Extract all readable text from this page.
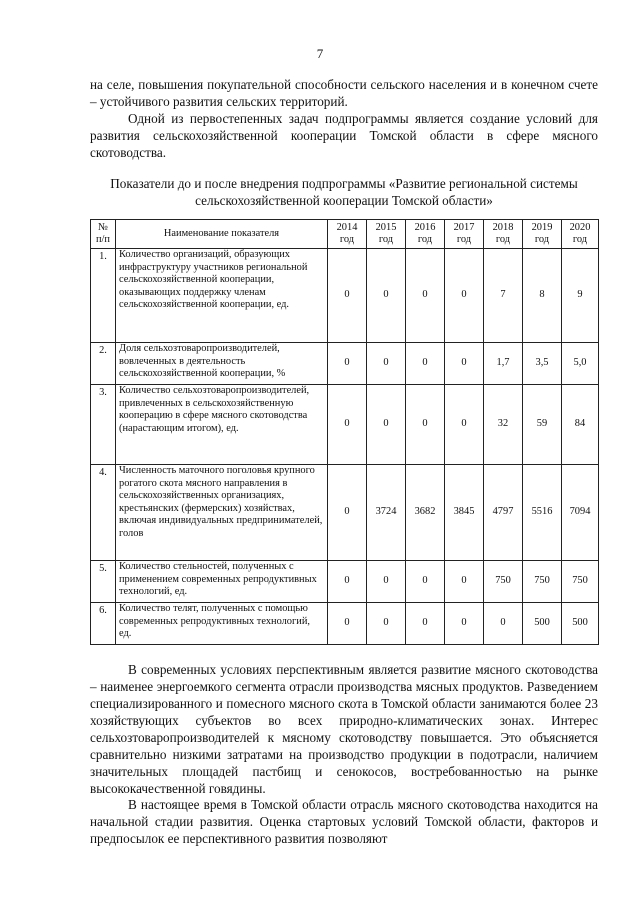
7

на селе, повышения покупательной способности сельского населения и в конечном счете – устойчивого развития сельских территорий.

Одной из первостепенных задач подпрограммы является создание условий для развития сельскохозяйственной кооперации Томской области в сфере мясного скотоводства.

Показатели до и после внедрения подпрограммы «Развитие региональной системы сельскохозяйственной кооперации Томской области»
№ п/п	Наименование показателя	2014 год	2015 год	2016 год	2017 год	2018 год	2019 год	2020 год

1.	Количество организаций, образующих инфраструктуру участников региональной сельскохозяйственной кооперации, оказывающих поддержку членам сельскохозяйственной кооперации, ед.	0	0	0	0	7	8	9
2.	Доля сельхозтоваропроизводителей, вовлеченных в деятельность сельскохозяйственной кооперации, %	0	0	0	0	1,7	3,5	5,0
3.	Количество сельхозтоваропроизводителей, привлеченных в сельскохозяйственную кооперацию в сфере мясного скотоводства (нарастающим итогом), ед.	0	0	0	0	32	59	84
4.	Численность маточного поголовья крупного рогатого скота мясного направления в сельскохозяйственных организациях, крестьянских (фермерских) хозяйствах, включая индивидуальных предпринимателей, голов	0	3724	3682	3845	4797	5516	7094
5.	Количество стельностей, полученных с применением современных репродуктивных технологий, ед.	0	0	0	0	750	750	750
6.	Количество телят, полученных с помощью современных репродуктивных технологий, ед.	0	0	0	0	0	500	500

В современных условиях перспективным является развитие мясного скотоводства – наименее энергоемкого сегмента отрасли производства мясных продуктов. Разведением специализированного и помесного мясного скота в Томской области занимаются более 23 хозяйствующих субъектов во всех природно-климатических зонах. Интерес сельхозтоваропроизводителей к мясному скотоводству повышается. Это объясняется сравнительно низкими затратами на производство продукции в подотрасли, наличием значительных площадей пастбищ и сенокосов, востребованностью на рынке высококачественной говядины.

В настоящее время в Томской области отрасль мясного скотоводства находится на начальной стадии развития. Оценка стартовых условий Томской области, факторов и предпосылок ее перспективного развития позволяют
